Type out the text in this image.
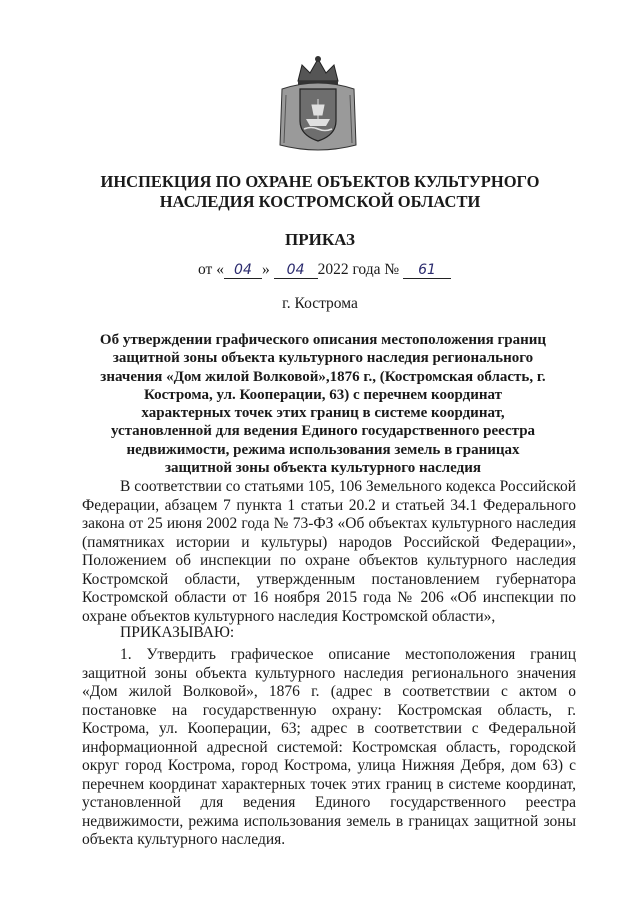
ИНСПЕКЦИЯ ПО ОХРАНЕ ОБЪЕКТОВ КУЛЬТУРНОГО НАСЛЕДИЯ КОСТРОМСКОЙ ОБЛАСТИ
ПРИКАЗ
от « 04 » 04 2022 года № 61
г. Кострома
Об утверждении графического описания местоположения границ защитной зоны объекта культурного наследия регионального значения «Дом жилой Волковой»,1876 г., (Костромская область, г. Кострома, ул. Кооперации, 63) с перечнем координат характерных точек этих границ в системе координат, установленной для ведения Единого государственного реестра недвижимости, режима использования земель в границах защитной зоны объекта культурного наследия
В соответствии со статьями 105, 106 Земельного кодекса Российской Федерации, абзацем 7 пункта 1 статьи 20.2 и статьей 34.1 Федерального закона от 25 июня 2002 года № 73-ФЗ «Об объектах культурного наследия (памятниках истории и культуры) народов Российской Федерации», Положением об инспекции по охране объектов культурного наследия Костромской области, утвержденным постановлением губернатора Костромской области от 16 ноября 2015 года № 206 «Об инспекции по охране объектов культурного наследия Костромской области»,
ПРИКАЗЫВАЮ:
1. Утвердить графическое описание местоположения границ защитной зоны объекта культурного наследия регионального значения «Дом жилой Волковой», 1876 г. (адрес в соответствии с актом о постановке на государственную охрану: Костромская область, г. Кострома, ул. Кооперации, 63; адрес в соответствии с Федеральной информационной адресной системой: Костромская область, городской округ город Кострома, город Кострома, улица Нижняя Дебря, дом 63) с перечнем координат характерных точек этих границ в системе координат, установленной для ведения Единого государственного реестра недвижимости, режима использования земель в границах защитной зоны объекта культурного наследия.
